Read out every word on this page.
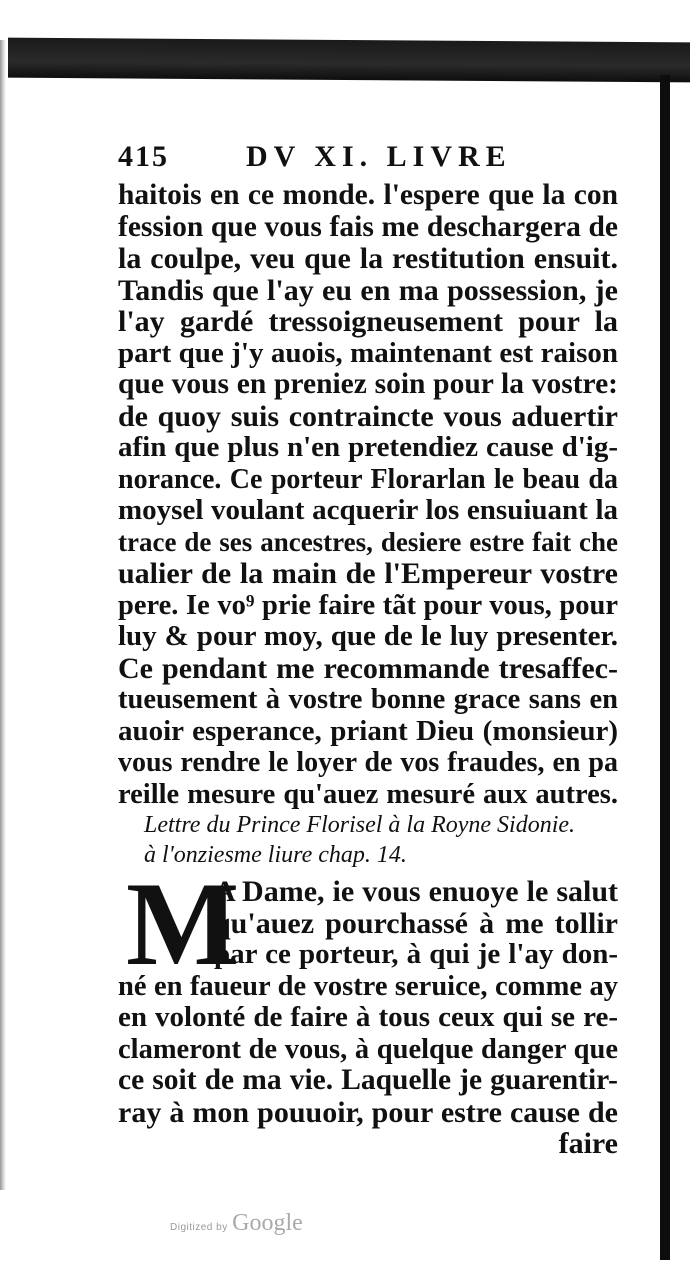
415	DV XI. LIVRE
haitois en ce monde. l'espere que la con
fession que vous fais me deschargera de
la coulpe, veu que la restitution ensuit.
Tandis que l'ay eu en ma possession, je
l'ay gardé tressoigneusement pour la
part que j'y auois, maintenant est raison
que vous en preniez soin pour la vostre:
de quoy suis contraincte vous aduertir
afin que plus n'en pretendiez cause d'ig-
norance. Ce porteur Florarlan le beau da
moysel voulant acquerir los ensuiuant la
trace de ses ancestres, desiere estre fait che
ualier de la main de l'Empereur vostre
pere. Ie vo⁹ prie faire tãt pour vous, pour
luy & pour moy, que de le luy presenter.
Ce pendant me recommande tresaffec-
tueusement à vostre bonne grace sans en
auoir esperance, priant Dieu (monsieur)
vous rendre le loyer de vos fraudes, en pa
reille mesure qu'auez mesuré aux autres.
Lettre du Prince Florisel à la Royne Sidonie.
à l'onziesme liure chap. 14.
M
A Dame, ie vous enuoye le salut
qu'auez pourchassé à me tollir
par ce porteur, à qui je l'ay don-
né en faueur de vostre seruice, comme ay
en volonté de faire à tous ceux qui se re-
clameront de vous, à quelque danger que
ce soit de ma vie. Laquelle je guarentir-
ray à mon pouuoir, pour estre cause de
faire
Digitized by Google
